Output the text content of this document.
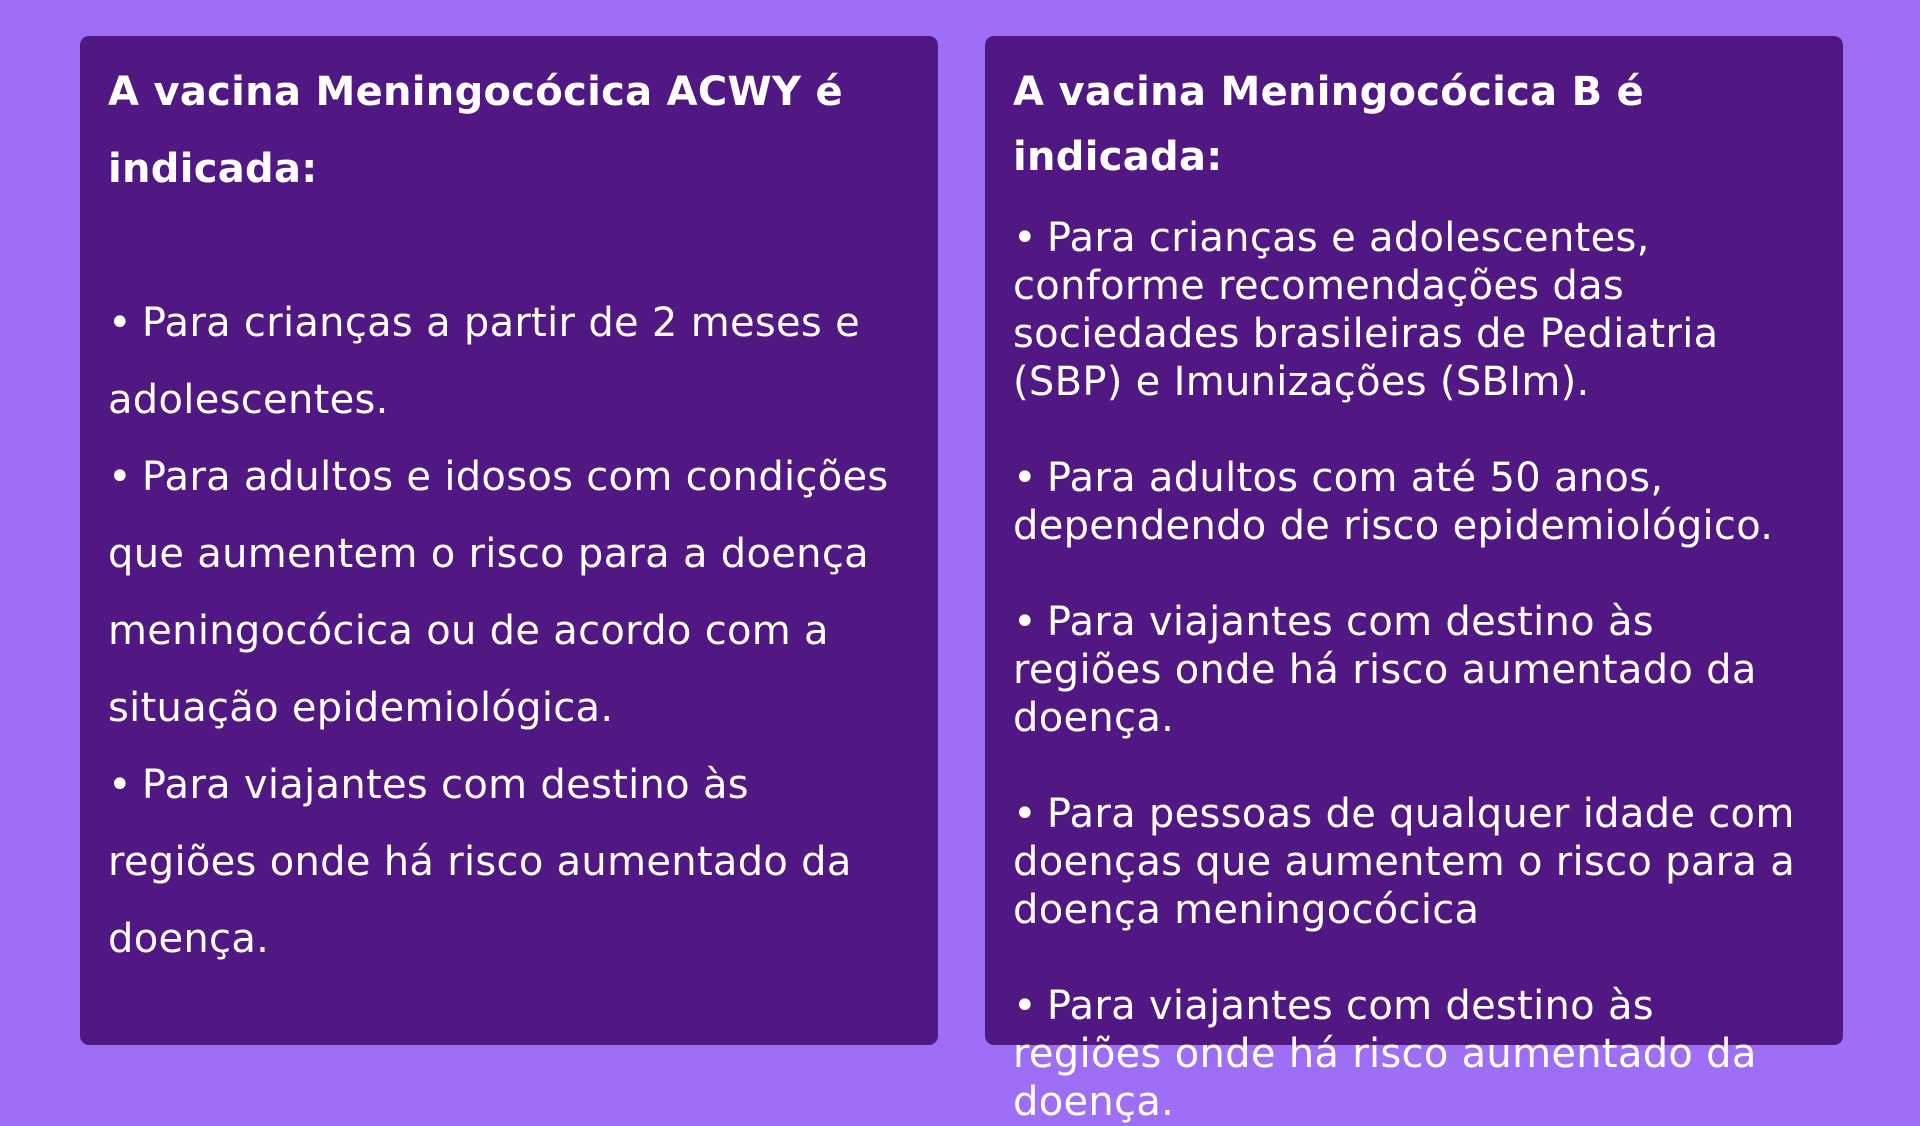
A vacina Meningocócica ACWY é indicada:
• Para crianças a partir de 2 meses e adolescentes.
• Para adultos e idosos com condições que aumentem o risco para a doença meningocócica ou de acordo com a situação epidemiológica.
• Para viajantes com destino às regiões onde há risco aumentado da doença.
A vacina Meningocócica B é indicada:
• Para crianças e adolescentes, conforme recomendações das sociedades brasileiras de Pediatria (SBP) e Imunizações (SBIm).
• Para adultos com até 50 anos, dependendo de risco epidemiológico.
• Para viajantes com destino às regiões onde há risco aumentado da doença.
• Para pessoas de qualquer idade com doenças que aumentem o risco para a doença meningocócica
• Para viajantes com destino às regiões onde há risco aumentado da doença.
